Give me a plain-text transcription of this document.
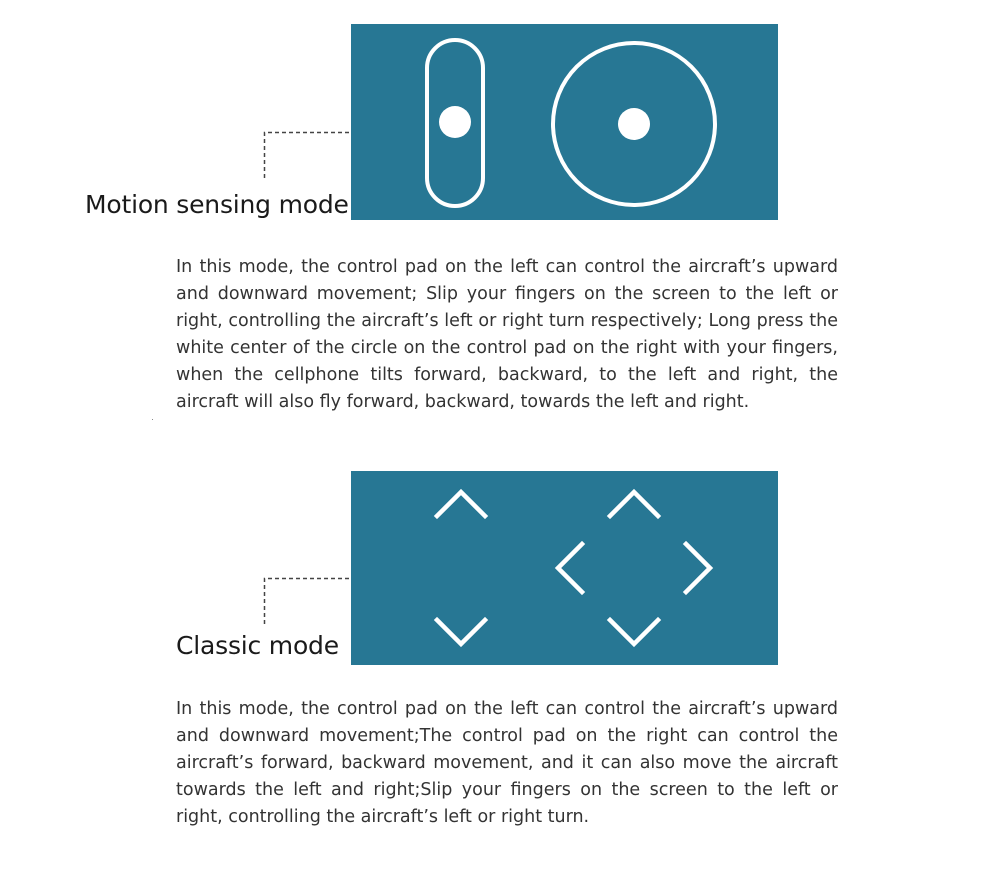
Motion sensing mode

In this mode, the control pad on the left can control the aircraft’s upward and downward movement; Slip your fingers on the screen to the left or right, controlling the aircraft’s left or right turn respectively; Long press the white center of the circle on the control pad on the right with your fingers, when the cellphone tilts forward, backward, to the left and right, the aircraft will also fly forward, backward, towards the left and right.

Classic mode

In this mode, the control pad on the left can control the aircraft’s upward and downward movement;The control pad on the right can control the aircraft’s forward, backward movement, and it can also move the aircraft towards the left and right;Slip your fingers on the screen to the left or right, controlling the aircraft’s left or right turn.
